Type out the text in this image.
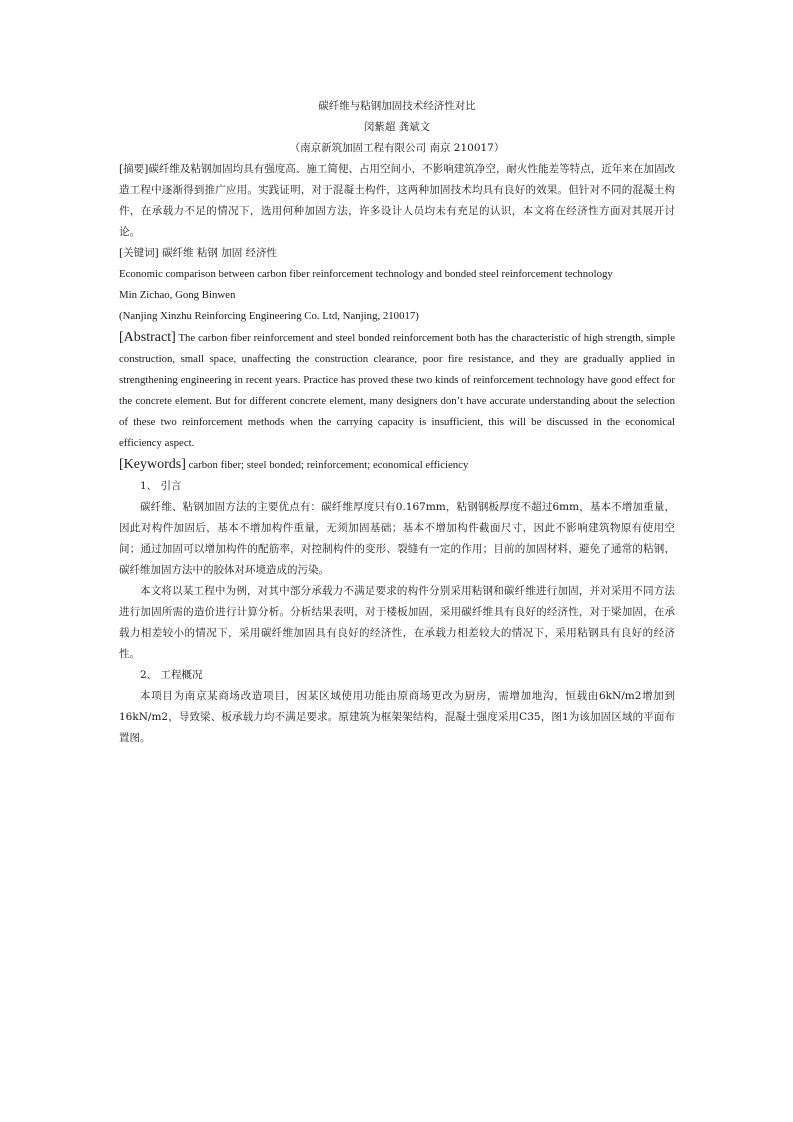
碳纤维与粘钢加固技术经济性对比

闵紫超 龚斌文

（南京新筑加固工程有限公司 南京 210017）

[摘要]碳纤维及粘钢加固均具有强度高、施工简便、占用空间小，不影响建筑净空，耐火性能差等特点，近年来在加固改造工程中逐渐得到推广应用。实践证明，对于混凝土构件，这两种加固技术均具有良好的效果。但针对不同的混凝土构件，在承载力不足的情况下，选用何种加固方法，许多设计人员均未有充足的认识，本文将在经济性方面对其展开讨论。

[关键词] 碳纤维 粘钢 加固 经济性

Economic comparison between carbon fiber reinforcement technology and bonded steel reinforcement technology

Min Zichao, Gong Binwen

(Nanjing Xinzhu Reinforcing Engineering Co. Ltd, Nanjing, 210017)

[Abstract] The carbon fiber reinforcement and steel bonded reinforcement both has the characteristic of high strength, simple construction, small space, unaffecting the construction clearance, poor fire resistance, and they are gradually applied in strengthening engineering in recent years. Practice has proved these two kinds of reinforcement technology have good effect for the concrete element. But for different concrete element, many designers don’t have accurate understanding about the selection of these two reinforcement methods when the carrying capacity is insufficient, this will be discussed in the economical efficiency aspect.

[Keywords] carbon fiber; steel bonded; reinforcement; economical efficiency

1、 引言

碳纤维、粘钢加固方法的主要优点有：碳纤维厚度只有0.167mm，粘钢钢板厚度不超过6mm，基本不增加重量，因此对构件加固后，基本不增加构件重量，无须加固基础；基本不增加构件截面尺寸，因此不影响建筑物原有使用空间；通过加固可以增加构件的配筋率，对控制构件的变形、裂缝有一定的作用；目前的加固材料，避免了通常的粘钢，碳纤维加固方法中的胶体对环境造成的污染。

本文将以某工程中为例，对其中部分承载力不满足要求的构件分别采用粘钢和碳纤维进行加固，并对采用不同方法进行加固所需的造价进行计算分析。分析结果表明，对于楼板加固，采用碳纤维具有良好的经济性，对于梁加固，在承载力相差较小的情况下，采用碳纤维加固具有良好的经济性，在承载力相差较大的情况下，采用粘钢具有良好的经济性。

2、 工程概况

本项目为南京某商场改造项目，因某区域使用功能由原商场更改为厨房，需增加地沟，恒载由6kN/m2增加到16kN/m2，导致梁、板承载力均不满足要求。原建筑为框架架结构，混凝土强度采用C35，图1为该加固区域的平面布置图。
